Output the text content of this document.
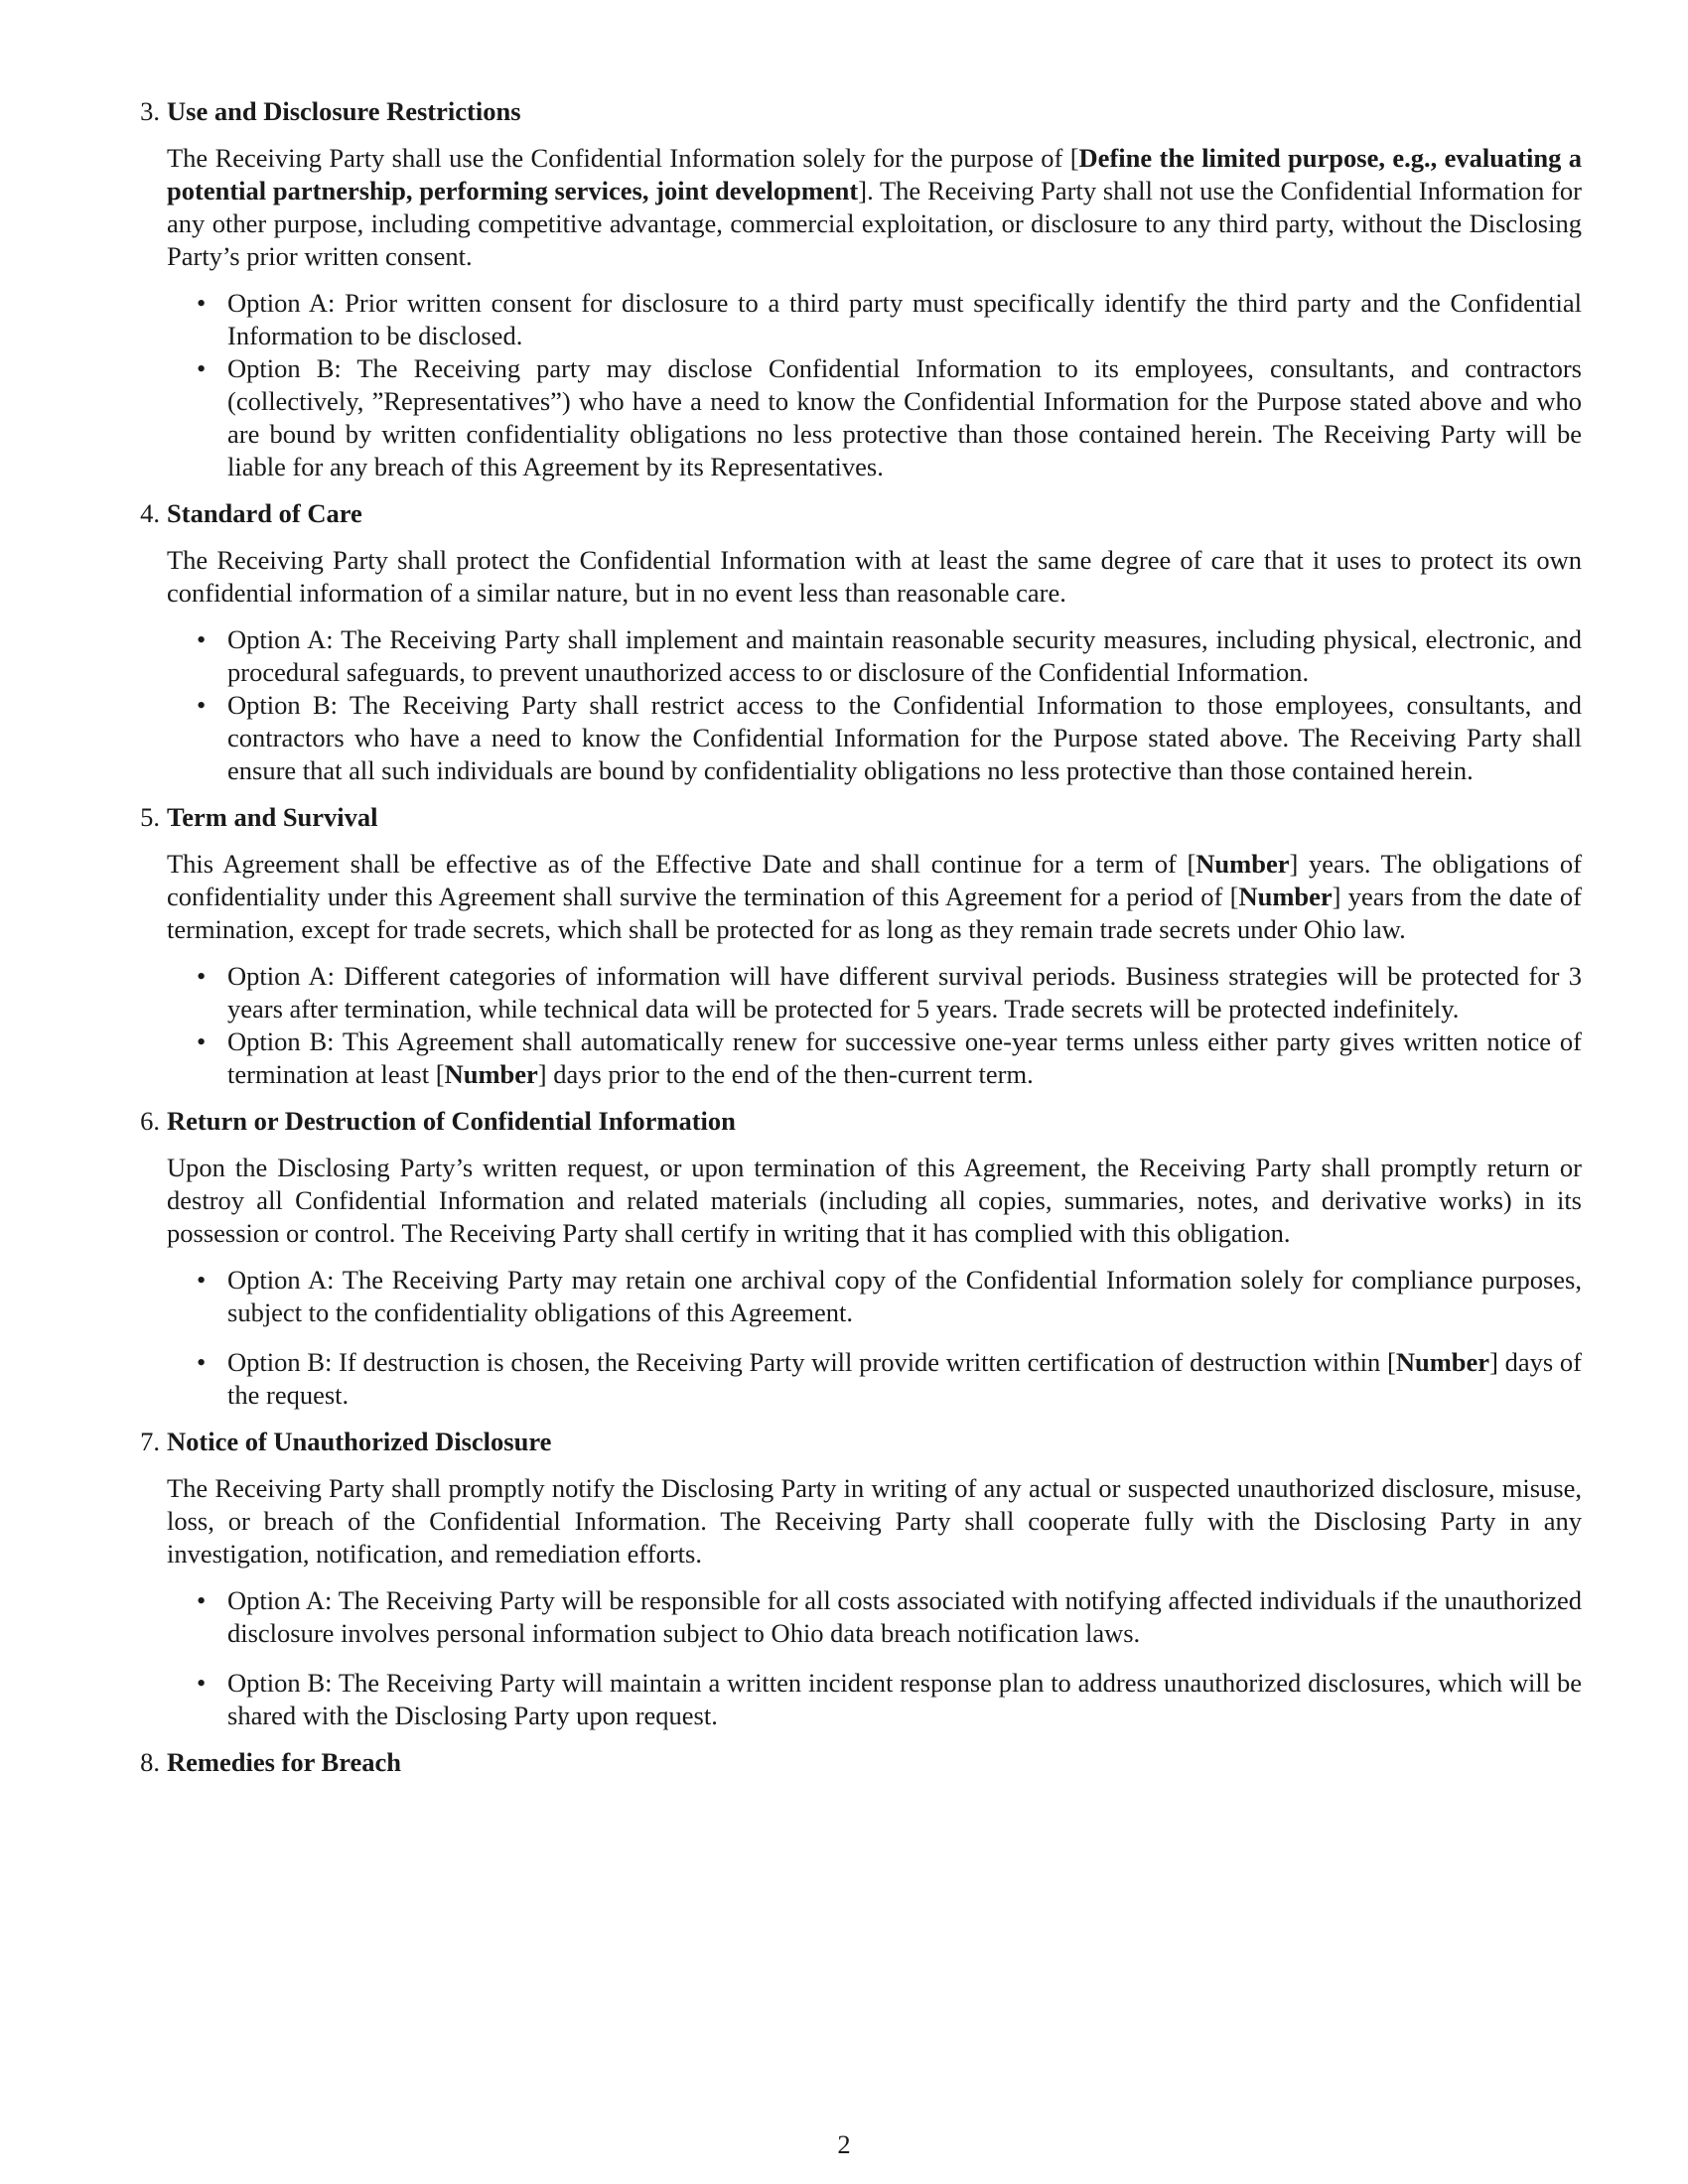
3. Use and Disclosure Restrictions

The Receiving Party shall use the Confidential Information solely for the purpose of [Define the limited purpose, e.g., evaluating a potential partnership, performing services, joint development]. The Receiving Party shall not use the Confidential Information for any other purpose, including competitive advantage, commercial exploitation, or disclosure to any third party, without the Disclosing Party’s prior written consent.

• Option A: Prior written consent for disclosure to a third party must specifically identify the third party and the Confidential Information to be disclosed.
• Option B: The Receiving party may disclose Confidential Information to its employees, consultants, and contractors (collectively, ”Representatives”) who have a need to know the Confidential Information for the Purpose stated above and who are bound by written confidentiality obligations no less protective than those contained herein. The Receiving Party will be liable for any breach of this Agreement by its Representatives.
4. Standard of Care

The Receiving Party shall protect the Confidential Information with at least the same degree of care that it uses to protect its own confidential information of a similar nature, but in no event less than reasonable care.

• Option A: The Receiving Party shall implement and maintain reasonable security measures, including physical, electronic, and procedural safeguards, to prevent unauthorized access to or disclosure of the Confidential Information.
• Option B: The Receiving Party shall restrict access to the Confidential Information to those employees, consultants, and contractors who have a need to know the Confidential Information for the Purpose stated above. The Receiving Party shall ensure that all such individuals are bound by confidentiality obligations no less protective than those contained herein.
5. Term and Survival

This Agreement shall be effective as of the Effective Date and shall continue for a term of [Number] years. The obligations of confidentiality under this Agreement shall survive the termination of this Agreement for a period of [Number] years from the date of termination, except for trade secrets, which shall be protected for as long as they remain trade secrets under Ohio law.

• Option A: Different categories of information will have different survival periods. Business strategies will be protected for 3 years after termination, while technical data will be protected for 5 years. Trade secrets will be protected indefinitely.
• Option B: This Agreement shall automatically renew for successive one-year terms unless either party gives written notice of termination at least [Number] days prior to the end of the then-current term.
6. Return or Destruction of Confidential Information

Upon the Disclosing Party’s written request, or upon termination of this Agreement, the Receiving Party shall promptly return or destroy all Confidential Information and related materials (including all copies, summaries, notes, and derivative works) in its possession or control. The Receiving Party shall certify in writing that it has complied with this obligation.

• Option A: The Receiving Party may retain one archival copy of the Confidential Information solely for compliance purposes, subject to the confidentiality obligations of this Agreement.
• Option B: If destruction is chosen, the Receiving Party will provide written certification of destruction within [Number] days of the request.
7. Notice of Unauthorized Disclosure

The Receiving Party shall promptly notify the Disclosing Party in writing of any actual or suspected unauthorized disclosure, misuse, loss, or breach of the Confidential Information. The Receiving Party shall cooperate fully with the Disclosing Party in any investigation, notification, and remediation efforts.

• Option A: The Receiving Party will be responsible for all costs associated with notifying affected individuals if the unauthorized disclosure involves personal information subject to Ohio data breach notification laws.
• Option B: The Receiving Party will maintain a written incident response plan to address unauthorized disclosures, which will be shared with the Disclosing Party upon request.
8. Remedies for Breach
2
